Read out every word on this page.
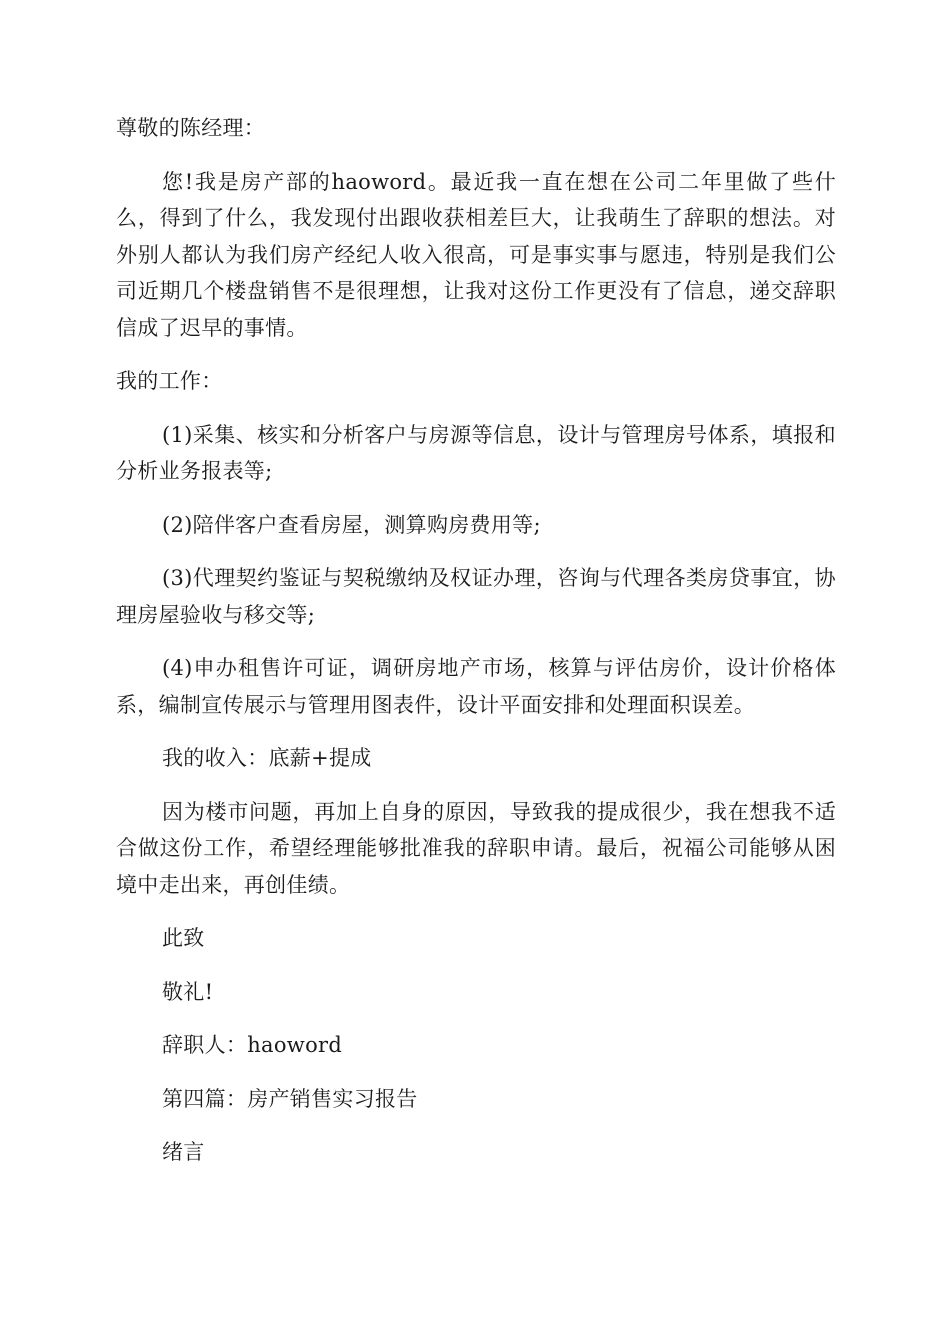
尊敬的陈经理：

您!我是房产部的haoword。最近我一直在想在公司二年里做了些什么，得到了什么，我发现付出跟收获相差巨大，让我萌生了辞职的想法。对外别人都认为我们房产经纪人收入很高，可是事实事与愿违，特别是我们公司近期几个楼盘销售不是很理想，让我对这份工作更没有了信息，递交辞职信成了迟早的事情。

我的工作：

(1)采集、核实和分析客户与房源等信息，设计与管理房号体系，填报和分析业务报表等;

(2)陪伴客户查看房屋，测算购房费用等;

(3)代理契约鉴证与契税缴纳及权证办理，咨询与代理各类房贷事宜，协理房屋验收与移交等;

(4)申办租售许可证，调研房地产市场，核算与评估房价，设计价格体系，编制宣传展示与管理用图表件，设计平面安排和处理面积误差。

我的收入：底薪+提成

因为楼市问题，再加上自身的原因，导致我的提成很少，我在想我不适合做这份工作，希望经理能够批准我的辞职申请。最后，祝福公司能够从困境中走出来，再创佳绩。

此致

敬礼!

辞职人：haoword

第四篇：房产销售实习报告

绪言
